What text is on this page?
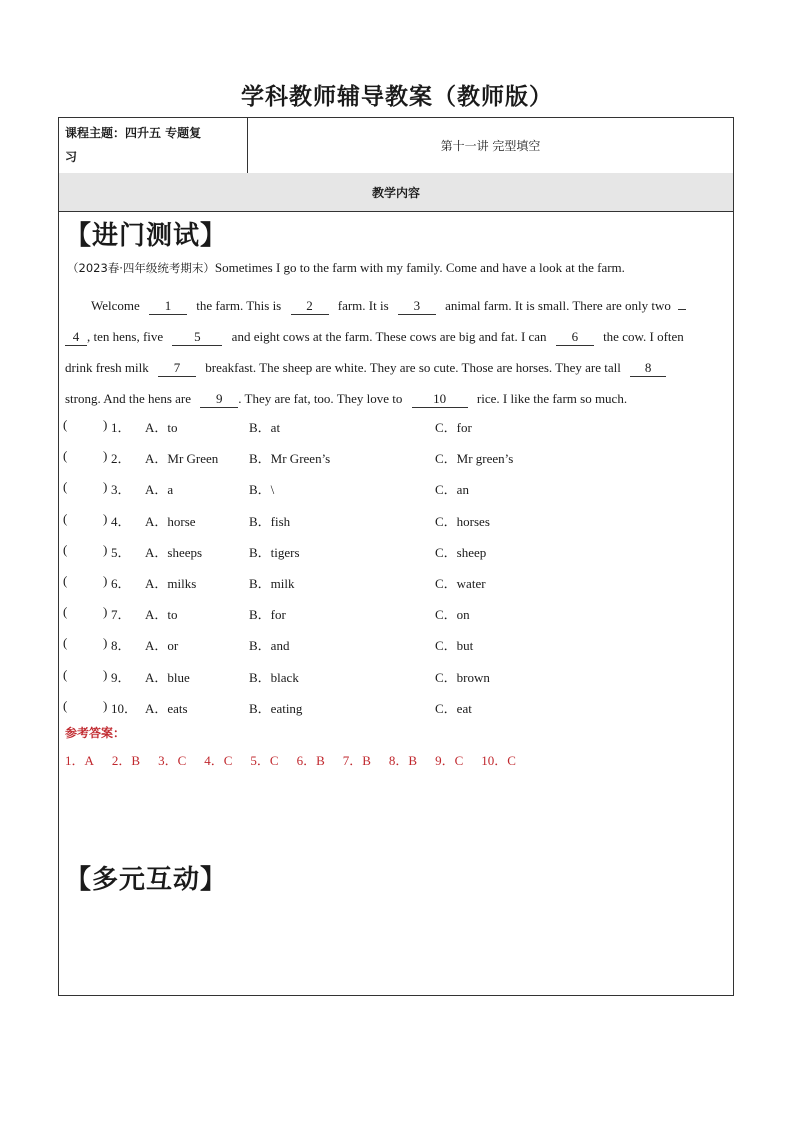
学科教师辅导教案（教师版）
课程主题：四升五 专题复
习
第十一讲 完型填空
教学内容
【进门测试】
（2023春·四年级统考期末）Sometimes I go to the farm with my family. Come and have a look at the farm.
Welcome 1 the farm. This is 2 farm. It is 3 animal farm. It is small. There are only two
4 , ten hens, five 5 and eight cows at the farm. These cows are big and fat. I can 6 the cow. I often
drink fresh milk 7 breakfast. The sheep are white. They are so cute. Those are horses. They are tall 8
strong. And the hens are 9 . They are fat, too. They love to 10 rice. I like the farm so much.
(	) 1． A．to	B．at	C．for
(	) 2． A．Mr Green B．Mr Green’s	C．Mr green’s
(	) 3． A．a	B．\	C．an
(	) 4． A．horse	B．fish	C．horses
(	) 5． A．sheeps	B．tigers	C．sheep
(	) 6． A．milks	B．milk	C．water
(	) 7． A．to	B．for	C．on
(	) 8． A．or	B．and	C．but
(	) 9． A．blue	B．black	C．brown
(	) 10． A．eats	B．eating	C．eat
参考答案：
1．A 2．B 3．C 4．C 5．C 6．B 7．B 8．B 9．C 10．C
【多元互动】
